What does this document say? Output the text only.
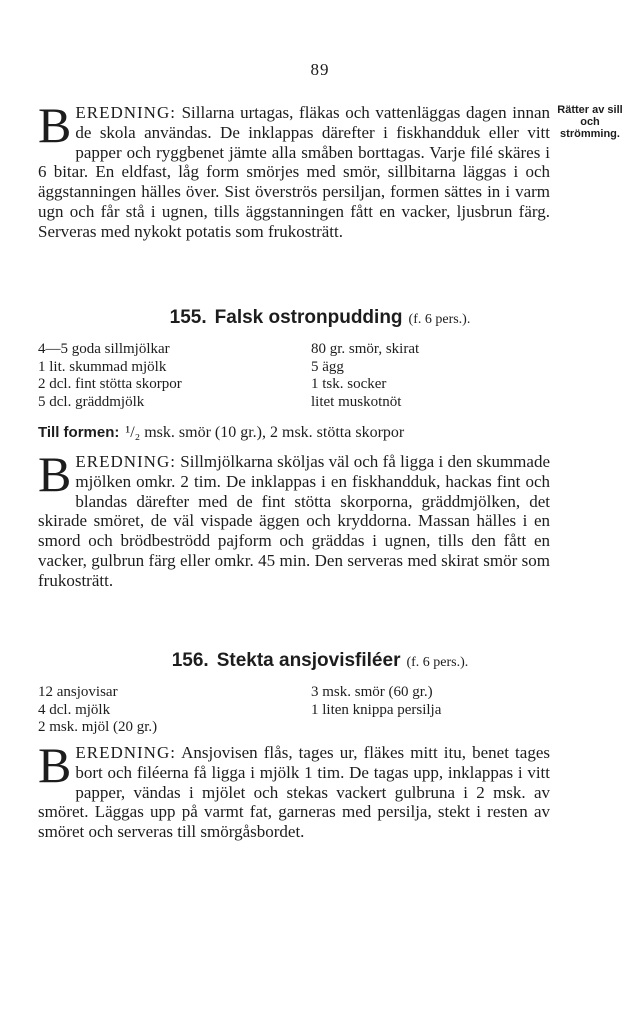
89
Rätter av sill
och
strömming.
BEREDNING: Sillarna urtagas, fläkas och vattenläggas dagen innan de skola användas. De inklappas därefter i fiskhandduk eller vitt papper och ryggbenet jämte alla småben borttagas. Varje filé skäres i 6 bitar. En eldfast, låg form smörjes med smör, sillbitarna läggas i och äggstanningen hälles över. Sist överströs persiljan, formen sättes in i varm ugn och får stå i ugnen, tills äggstanningen fått en vacker, ljusbrun färg. Serveras med nykokt potatis som frukosträtt.
155. Falsk ostronpudding (f. 6 pers.).
4—5 goda sillmjölkar
1 lit. skummad mjölk
2 dcl. fint stötta skorpor
5 dcl. gräddmjölk
80 gr. smör, skirat
5 ägg
1 tsk. socker
litet muskotnöt
Till formen: ¹/₂ msk. smör (10 gr.), 2 msk. stötta skorpor
BEREDNING: Sillmjölkarna sköljas väl och få ligga i den skummade mjölken omkr. 2 tim. De inklappas i en fiskhandduk, hackas fint och blandas därefter med de fint stötta skorporna, gräddmjölken, det skirade smöret, de väl vispade äggen och kryddorna. Massan hälles i en smord och brödbeströdd pajform och gräddas i ugnen, tills den fått en vacker, gulbrun färg eller omkr. 45 min. Den serveras med skirat smör som frukosträtt.
156. Stekta ansjovisfiléer (f. 6 pers.).
12 ansjovisar
4 dcl. mjölk
2 msk. mjöl (20 gr.)
3 msk. smör (60 gr.)
1 liten knippa persilja
BEREDNING: Ansjovisen flås, tages ur, fläkes mitt itu, benet tages bort och filéerna få ligga i mjölk 1 tim. De tagas upp, inklappas i vitt papper, vändas i mjölet och stekas vackert gulbruna i 2 msk. av smöret. Läggas upp på varmt fat, garneras med persilja, stekt i resten av smöret och serveras till smörgåsbordet.
